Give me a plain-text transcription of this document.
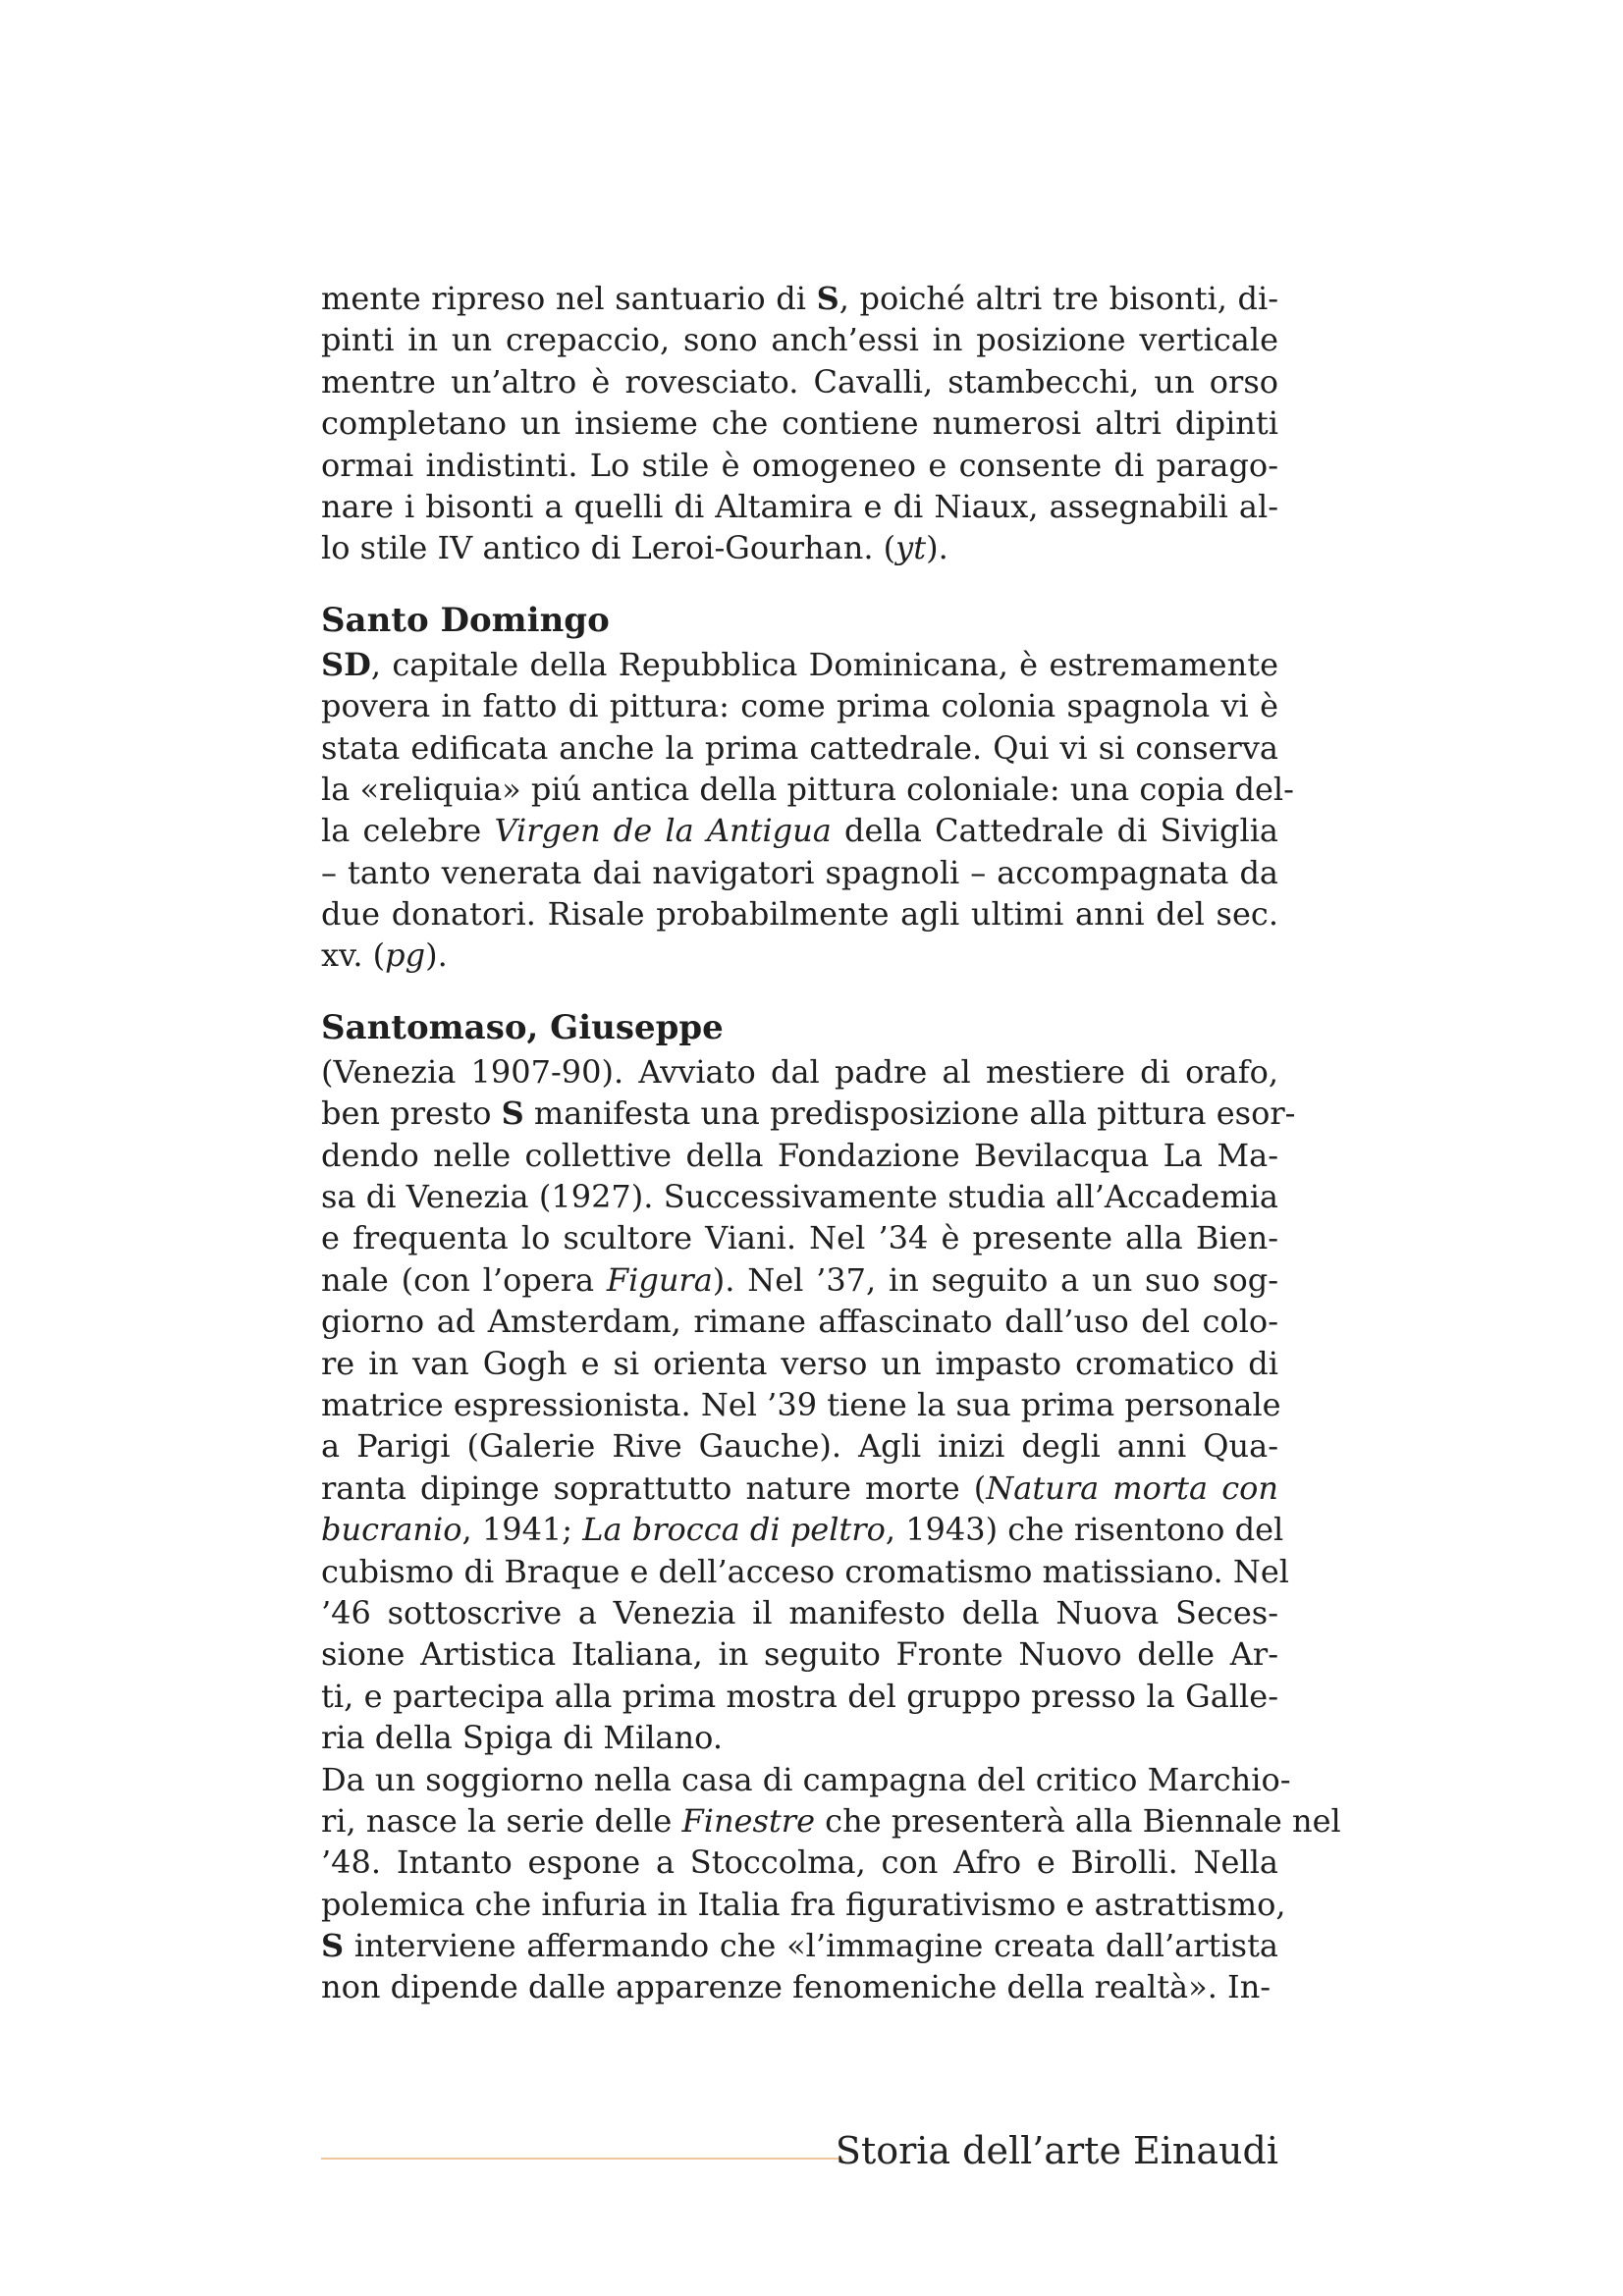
mente ripreso nel santuario di S, poiché altri tre bisonti, di-
pinti in un crepaccio, sono anch’essi in posizione verticale
mentre un’altro è rovesciato. Cavalli, stambecchi, un orso
completano un insieme che contiene numerosi altri dipinti
ormai indistinti. Lo stile è omogeneo e consente di parago-
nare i bisonti a quelli di Altamira e di Niaux, assegnabili al-
lo stile IV antico di Leroi-Gourhan. (yt).
Santo Domingo
SD, capitale della Repubblica Dominicana, è estremamente
povera in fatto di pittura: come prima colonia spagnola vi è
stata edificata anche la prima cattedrale. Qui vi si conserva
la «reliquia» piú antica della pittura coloniale: una copia del-
la celebre Virgen de la Antigua della Cattedrale di Siviglia
– tanto venerata dai navigatori spagnoli – accompagnata da
due donatori. Risale probabilmente agli ultimi anni del sec.
xv. (pg).
Santomaso, Giuseppe
(Venezia 1907-90). Avviato dal padre al mestiere di orafo,
ben presto S manifesta una predisposizione alla pittura esor-
dendo nelle collettive della Fondazione Bevilacqua La Ma-
sa di Venezia (1927). Successivamente studia all’Accademia
e frequenta lo scultore Viani. Nel ’34 è presente alla Bien-
nale (con l’opera Figura). Nel ’37, in seguito a un suo sog-
giorno ad Amsterdam, rimane affascinato dall’uso del colo-
re in van Gogh e si orienta verso un impasto cromatico di
matrice espressionista. Nel ’39 tiene la sua prima personale
a Parigi (Galerie Rive Gauche). Agli inizi degli anni Qua-
ranta dipinge soprattutto nature morte (Natura morta con
bucranio, 1941; La brocca di peltro, 1943) che risentono del
cubismo di Braque e dell’acceso cromatismo matissiano. Nel
’46 sottoscrive a Venezia il manifesto della Nuova Seces-
sione Artistica Italiana, in seguito Fronte Nuovo delle Ar-
ti, e partecipa alla prima mostra del gruppo presso la Galle-
ria della Spiga di Milano.
Da un soggiorno nella casa di campagna del critico Marchio-
ri, nasce la serie delle Finestre che presenterà alla Biennale nel
’48. Intanto espone a Stoccolma, con Afro e Birolli. Nella
polemica che infuria in Italia fra figurativismo e astrattismo,
S interviene affermando che «l’immagine creata dall’artista
non dipende dalle apparenze fenomeniche della realtà». In-
Storia dell’arte Einaudi
